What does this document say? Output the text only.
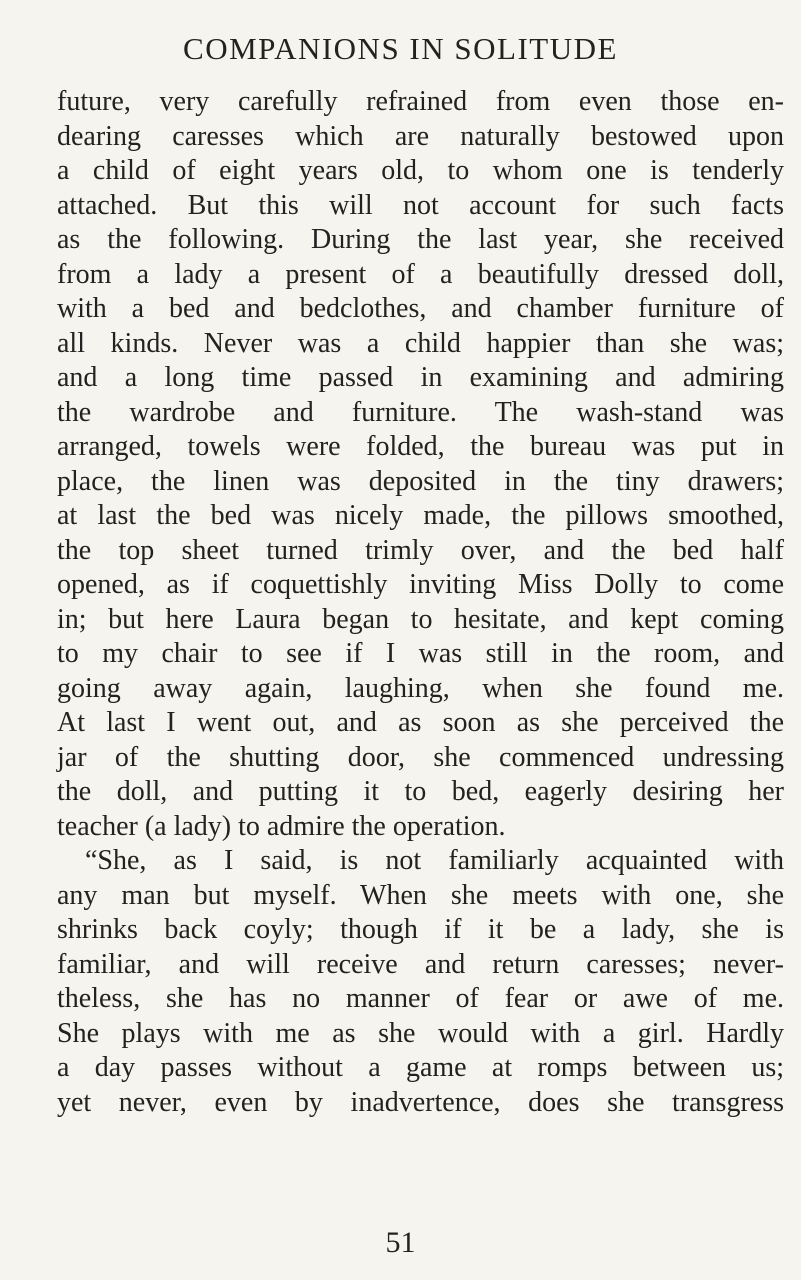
COMPANIONS IN SOLITUDE
future, very carefully refrained from even those en-
dearing caresses which are naturally bestowed upon
a child of eight years old, to whom one is tenderly
attached. But this will not account for such facts
as the following. During the last year, she received
from a lady a present of a beautifully dressed doll,
with a bed and bedclothes, and chamber furniture of
all kinds. Never was a child happier than she was;
and a long time passed in examining and admiring
the wardrobe and furniture. The wash-stand was
arranged, towels were folded, the bureau was put in
place, the linen was deposited in the tiny drawers;
at last the bed was nicely made, the pillows smoothed,
the top sheet turned trimly over, and the bed half
opened, as if coquettishly inviting Miss Dolly to come
in; but here Laura began to hesitate, and kept coming
to my chair to see if I was still in the room, and
going away again, laughing, when she found me.
At last I went out, and as soon as she perceived the
jar of the shutting door, she commenced undressing
the doll, and putting it to bed, eagerly desiring her
teacher (a lady) to admire the operation.
“She, as I said, is not familiarly acquainted with
any man but myself. When she meets with one, she
shrinks back coyly; though if it be a lady, she is
familiar, and will receive and return caresses; never-
theless, she has no manner of fear or awe of me.
She plays with me as she would with a girl. Hardly
a day passes without a game at romps between us;
yet never, even by inadvertence, does she transgress
51
